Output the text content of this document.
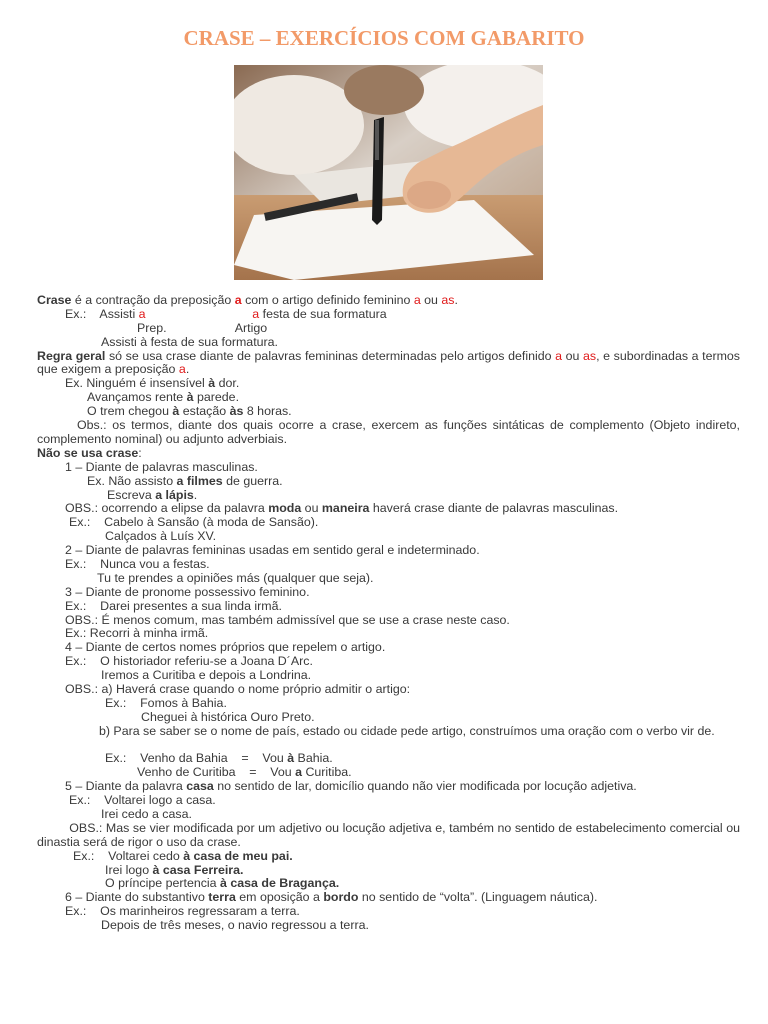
CRASE – EXERCÍCIOS COM GABARITO
Crase é a contração da preposição a com o artigo definido feminino a ou as.
Ex.:    Assisti a	a festa de sua formatura
Prep.                    Artigo
Assisti à festa de sua formatura.
Regra geral só se usa crase diante de palavras femininas determinadas pelo artigos definido a ou as, e subordinadas a termos que exigem a preposição a.
Ex. Ninguém é insensível à dor.
Avançamos rente à parede.
O trem chegou à estação às 8 horas.
Obs.: os termos, diante dos quais ocorre a crase, exercem as funções sintáticas de complemento (Objeto indireto, complemento nominal) ou adjunto adverbiais.
Não se usa crase:
1 – Diante de palavras masculinas.
Ex. Não assisto a filmes de guerra.
Escreva a lápis.
OBS.: ocorrendo a elipse da palavra moda ou maneira haverá crase diante de palavras masculinas.
Ex.:    Cabelo à Sansão (à moda de Sansão).
Calçados à Luís XV.
2 – Diante de palavras femininas usadas em sentido geral e indeterminado.
Ex.:    Nunca vou a festas.
Tu te prendes a opiniões más (qualquer que seja).
3 – Diante de pronome possessivo feminino.
Ex.:    Darei presentes a sua linda irmã.
OBS.: É menos comum, mas também admissível que se use a crase neste caso.
Ex.: Recorri à minha irmã.
4 – Diante de certos nomes próprios que repelem o artigo.
Ex.:    O historiador referiu-se a Joana D´Arc.
Iremos a Curitiba e depois a Londrina.
OBS.: a) Haverá crase quando o nome próprio admitir o artigo:
Ex.:    Fomos à Bahia.
Cheguei à histórica Ouro Preto.
b) Para se saber se o nome de país, estado ou cidade pede artigo, construímos uma oração com o verbo vir de.
Ex.:    Venho da Bahia    =    Vou à Bahia.
Venho de Curitiba    =    Vou a Curitiba.
5 – Diante da palavra casa no sentido de lar, domicílio quando não vier modificada por locução adjetiva.
Ex.:    Voltarei logo a casa.
Irei cedo a casa.
OBS.: Mas se vier modificada por um adjetivo ou locução adjetiva e, também no sentido de estabelecimento comercial ou dinastia será de rigor o uso da crase.
Ex.:    Voltarei cedo à casa de meu pai.
Irei logo à casa Ferreira.
O príncipe pertencia à casa de Bragança.
6 – Diante do substantivo terra em oposição a bordo no sentido de “volta”. (Linguagem náutica).
Ex.:    Os marinheiros regressaram a terra.
Depois de três meses, o navio regressou a terra.
